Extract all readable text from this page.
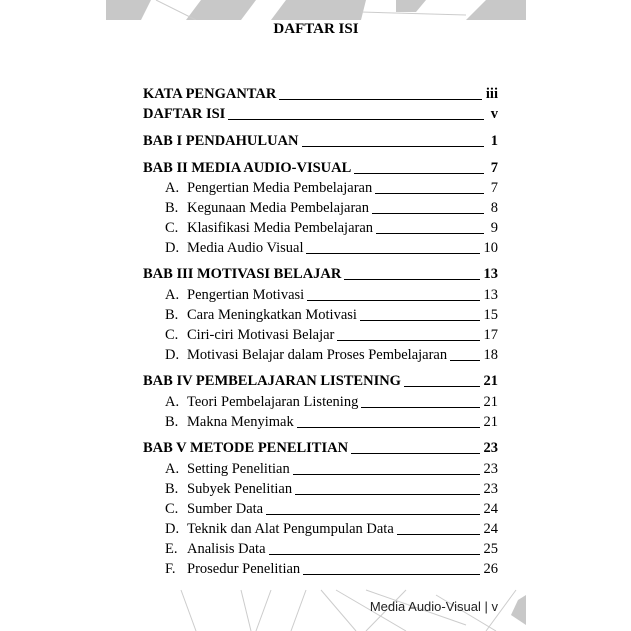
DAFTAR ISI
KATA PENGANTAR	iii
DAFTAR ISI	v
BAB I PENDAHULUAN	1
BAB II MEDIA AUDIO-VISUAL	7
A. Pengertian Media Pembelajaran	7
B. Kegunaan Media Pembelajaran	8
C. Klasifikasi Media Pembelajaran	9
D. Media Audio Visual	10
BAB III MOTIVASI BELAJAR	13
A. Pengertian Motivasi	13
B. Cara Meningkatkan Motivasi	15
C. Ciri-ciri Motivasi Belajar	17
D. Motivasi Belajar dalam Proses Pembelajaran	18
BAB IV PEMBELAJARAN LISTENING	21
A. Teori Pembelajaran Listening	21
B. Makna Menyimak	21
BAB V METODE PENELITIAN	23
A. Setting Penelitian	23
B. Subyek Penelitian	23
C. Sumber Data	24
D. Teknik dan Alat Pengumpulan Data	24
E. Analisis Data	25
F. Prosedur Penelitian	26
Media Audio-Visual | v
